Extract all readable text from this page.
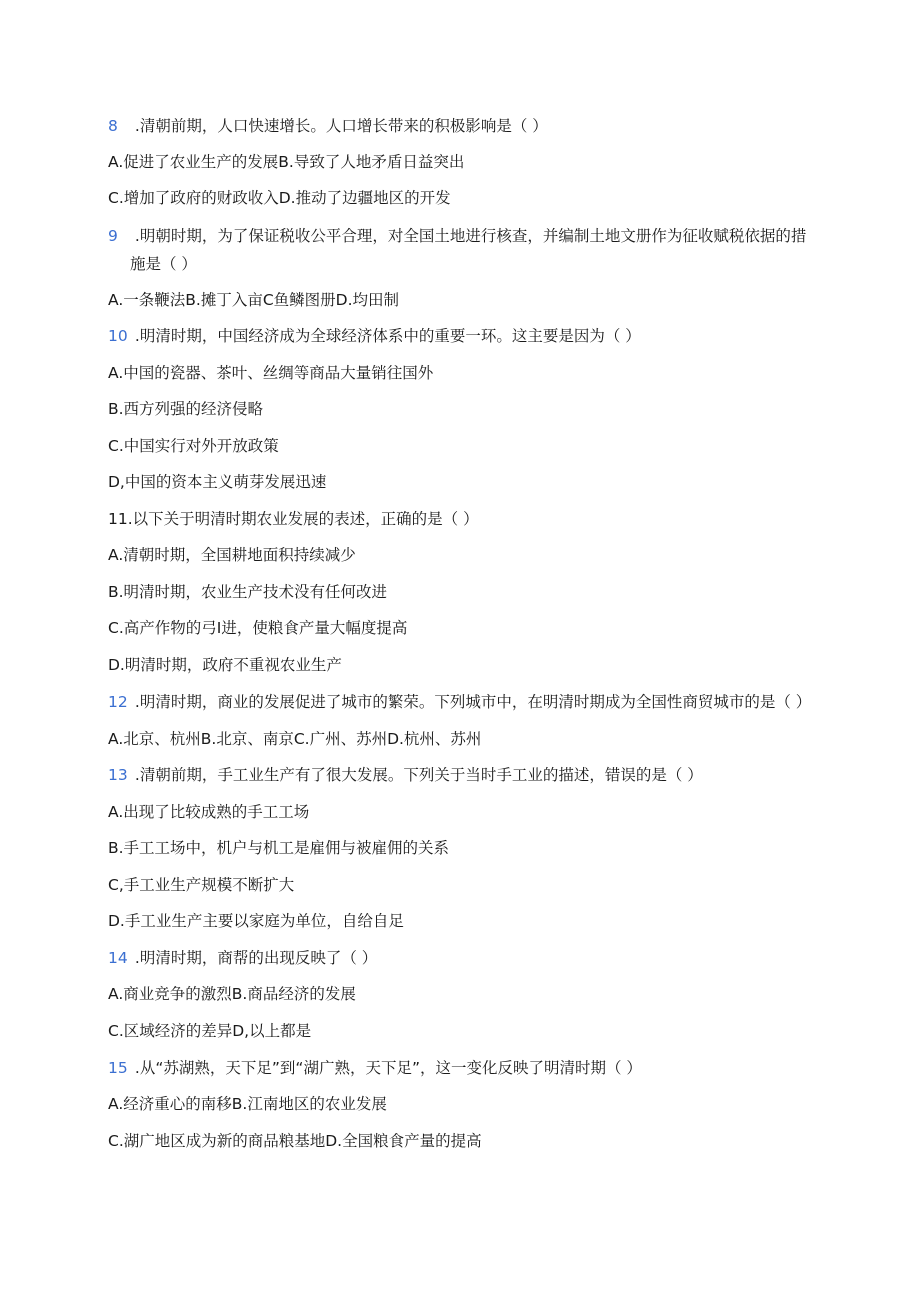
8 .清朝前期，人口快速增长。人口增长带来的积极影响是（ ）
A.促进了农业生产的发展B.导致了人地矛盾日益突出
C.增加了政府的财政收入D.推动了边疆地区的开发
9 .明朝时期，为了保证税收公平合理，对全国土地进行核查，并编制土地文册作为征收赋税依据的措
施是（ ）
A.一条鞭法B.摊丁入亩C鱼鳞图册D.均田制
10 .明清时期，中国经济成为全球经济体系中的重要一环。这主要是因为（ ）
A.中国的瓷器、茶叶、丝绸等商品大量销往国外
B.西方列强的经济侵略
C.中国实行对外开放政策
D,中国的资本主义萌芽发展迅速
11.以下关于明清时期农业发展的表述，正确的是（ ）
A.清朝时期，全国耕地面积持续减少
B.明清时期，农业生产技术没有任何改进
C.高产作物的弓I进，使粮食产量大幅度提高
D.明清时期，政府不重视农业生产
12 .明清时期，商业的发展促进了城市的繁荣。下列城市中，在明清时期成为全国性商贸城市的是（ ）
A.北京、杭州B.北京、南京C.广州、苏州D.杭州、苏州
13 .清朝前期，手工业生产有了很大发展。下列关于当时手工业的描述，错误的是（ ）
A.出现了比较成熟的手工工场
B.手工工场中，机户与机工是雇佣与被雇佣的关系
C,手工业生产规模不断扩大
D.手工业生产主要以家庭为单位，自给自足
14 .明清时期，商帮的出现反映了（ ）
A.商业竞争的激烈B.商品经济的发展
C.区域经济的差异D,以上都是
15 .从“苏湖熟，天下足”到“湖广熟，天下足”，这一变化反映了明清时期（ ）
A.经济重心的南移B.江南地区的农业发展
C.湖广地区成为新的商品粮基地D.全国粮食产量的提高
